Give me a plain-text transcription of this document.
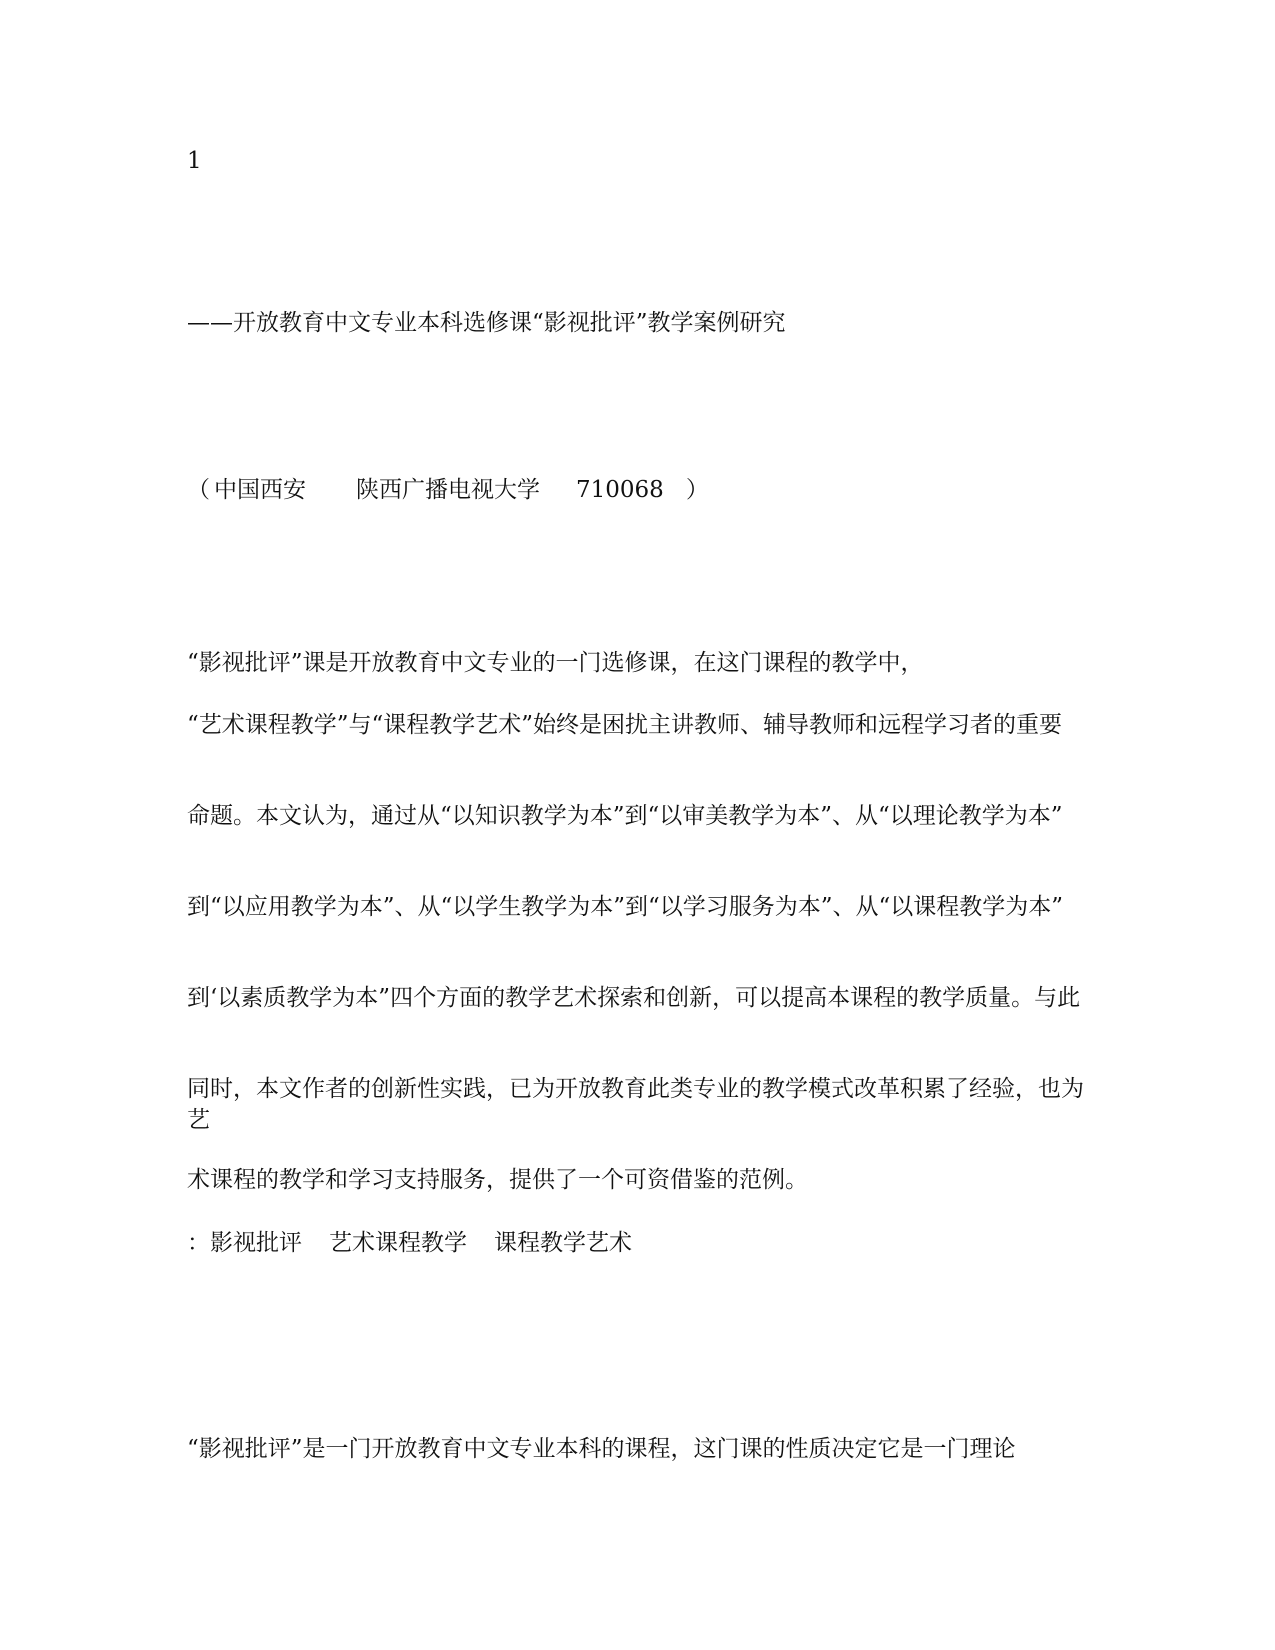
1
——开放教育中文专业本科选修课“影视批评”教学案例研究
（ 中国西安 陕西广播电视大学 710068 ）
“影视批评”课是开放教育中文专业的一门选修课，在这门课程的教学中，
“艺术课程教学”与“课程教学艺术”始终是困扰主讲教师、辅导教师和远程学习者的重要
命题。本文认为，通过从“以知识教学为本”到“以审美教学为本”、从“以理论教学为本”
到“以应用教学为本”、从“以学生教学为本”到“以学习服务为本”、从“以课程教学为本”
到‘以素质教学为本”四个方面的教学艺术探索和创新，可以提高本课程的教学质量。与此
同时，本文作者的创新性实践，已为开放教育此类专业的教学模式改革积累了经验，也为艺
术课程的教学和学习支持服务，提供了一个可资借鉴的范例。
：影视批评 艺术课程教学 课程教学艺术
“影视批评”是一门开放教育中文专业本科的课程，这门课的性质决定它是一门理论
